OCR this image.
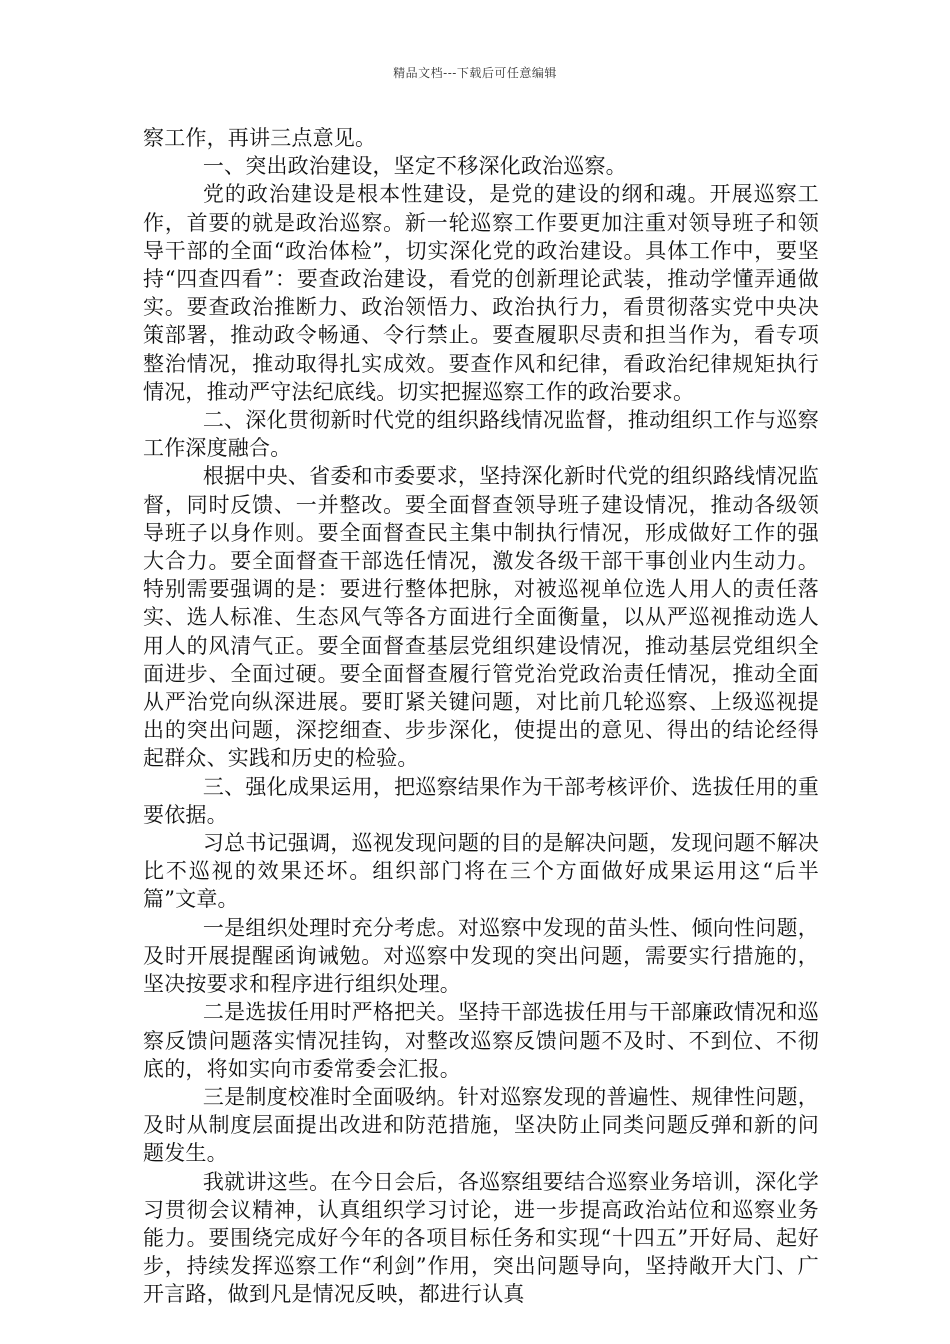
精品文档---下载后可任意编辑

察工作，再讲三点意见。

一、突出政治建设，坚定不移深化政治巡察。

党的政治建设是根本性建设，是党的建设的纲和魂。开展巡察工作，首要的就是政治巡察。新一轮巡察工作要更加注重对领导班子和领导干部的全面“政治体检”，切实深化党的政治建设。具体工作中，要坚持“四查四看”：要查政治建设，看党的创新理论武装，推动学懂弄通做实。要查政治推断力、政治领悟力、政治执行力，看贯彻落实党中央决策部署，推动政令畅通、令行禁止。要查履职尽责和担当作为，看专项整治情况，推动取得扎实成效。要查作风和纪律，看政治纪律规矩执行情况，推动严守法纪底线。切实把握巡察工作的政治要求。

二、深化贯彻新时代党的组织路线情况监督，推动组织工作与巡察工作深度融合。

根据中央、省委和市委要求，坚持深化新时代党的组织路线情况监督，同时反馈、一并整改。要全面督查领导班子建设情况，推动各级领导班子以身作则。要全面督查民主集中制执行情况，形成做好工作的强大合力。要全面督查干部选任情况，激发各级干部干事创业内生动力。特别需要强调的是：要进行整体把脉，对被巡视单位选人用人的责任落实、选人标准、生态风气等各方面进行全面衡量，以从严巡视推动选人用人的风清气正。要全面督查基层党组织建设情况，推动基层党组织全面进步、全面过硬。要全面督查履行管党治党政治责任情况，推动全面从严治党向纵深进展。要盯紧关键问题，对比前几轮巡察、上级巡视提出的突出问题，深挖细查、步步深化，使提出的意见、得出的结论经得起群众、实践和历史的检验。

三、强化成果运用，把巡察结果作为干部考核评价、选拔任用的重要依据。

习总书记强调，巡视发现问题的目的是解决问题，发现问题不解决比不巡视的效果还坏。组织部门将在三个方面做好成果运用这“后半篇”文章。

一是组织处理时充分考虑。对巡察中发现的苗头性、倾向性问题，及时开展提醒函询诫勉。对巡察中发现的突出问题，需要实行措施的，坚决按要求和程序进行组织处理。

二是选拔任用时严格把关。坚持干部选拔任用与干部廉政情况和巡察反馈问题落实情况挂钩，对整改巡察反馈问题不及时、不到位、不彻底的，将如实向市委常委会汇报。

三是制度校准时全面吸纳。针对巡察发现的普遍性、规律性问题，及时从制度层面提出改进和防范措施，坚决防止同类问题反弹和新的问题发生。

我就讲这些。在今日会后，各巡察组要结合巡察业务培训，深化学习贯彻会议精神，认真组织学习讨论，进一步提高政治站位和巡察业务能力。要围绕完成好今年的各项目标任务和实现“十四五”开好局、起好步，持续发挥巡察工作“利剑”作用，突出问题导向，坚持敞开大门、广开言路，做到凡是情况反映，都进行认真
